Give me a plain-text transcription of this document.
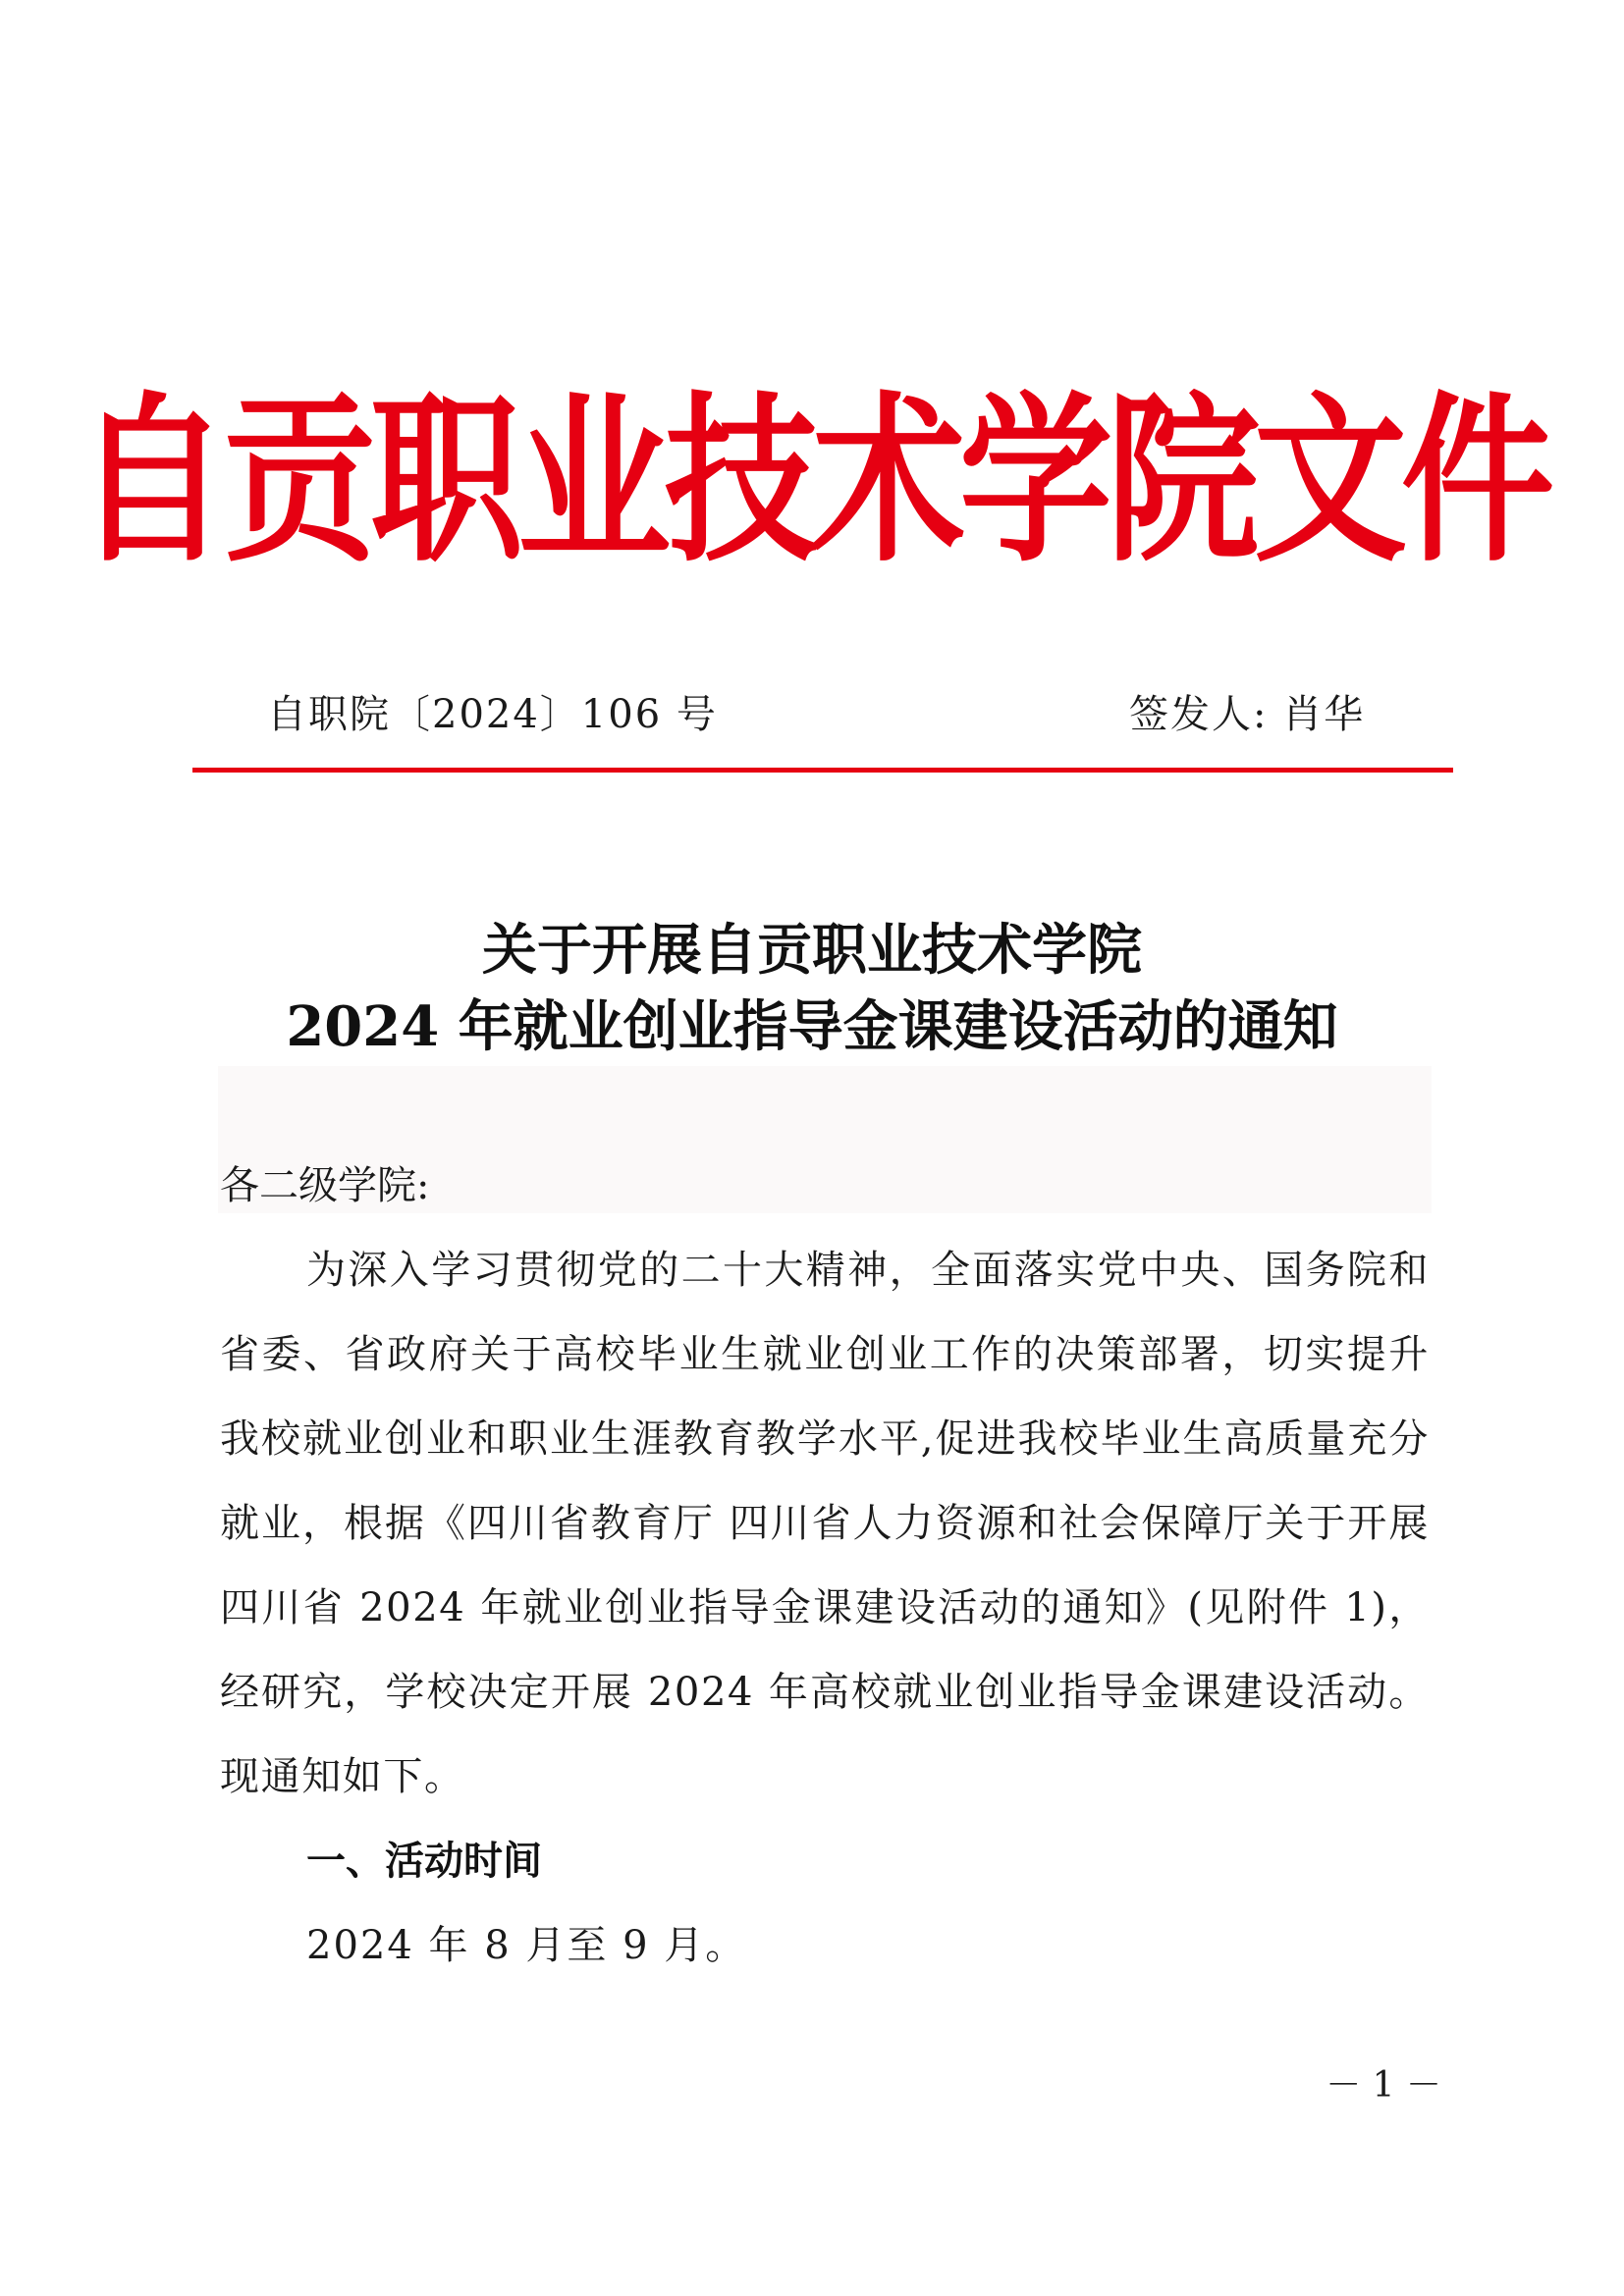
自贡职业技术学院文件
自职院〔2024〕106 号	签发人: 肖华
关于开展自贡职业技术学院
2024 年就业创业指导金课建设活动的通知
各二级学院:
为深入学习贯彻党的二十大精神，全面落实党中央、国务院和省委、省政府关于高校毕业生就业创业工作的决策部署，切实提升我校就业创业和职业生涯教育教学水平,促进我校毕业生高质量充分就业，根据《四川省教育厅 四川省人力资源和社会保障厅关于开展四川省 2024 年就业创业指导金课建设活动的通知》(见附件 1)，经研究，学校决定开展 2024 年高校就业创业指导金课建设活动。现通知如下。
一、活动时间
2024 年 8 月至 9 月。
－ 1 －
